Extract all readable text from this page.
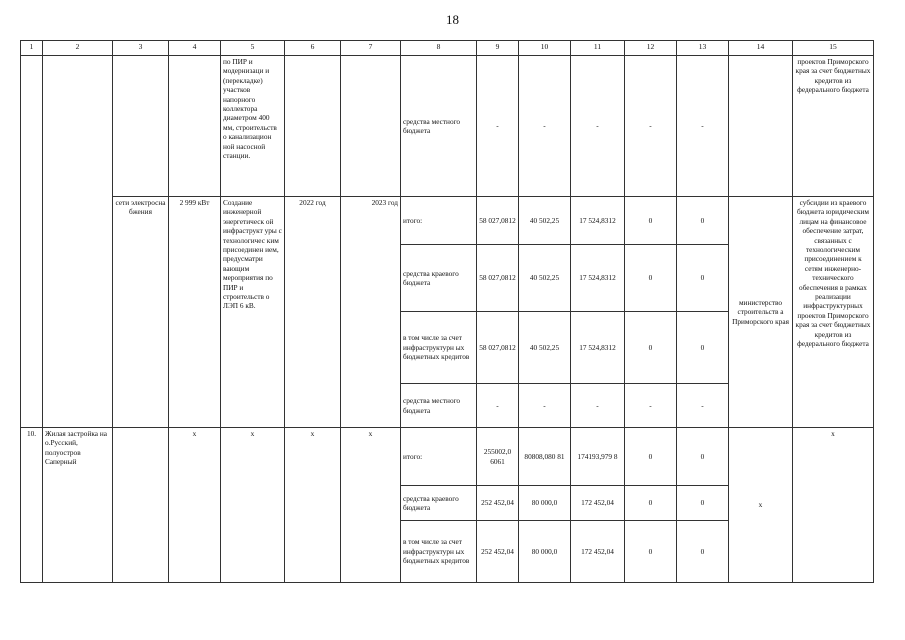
18
1	2	3	4	5	6	7	8	9	10	11	12	13	14	15
				по ПИР и модернизаци и (перекладке) участков напорного коллектора диаметром 400 мм, строительств о канализацион ной насосной станции.			средства местного бюджета	-	-	-	-	-		проектов Приморского края за счет бюджетных кредитов из федерального бюджета
		сети электросна бжения	2 999 кВт	Создание инженерной энергетическ ой инфраструкт уры с технологичес ким присоединен ием, предусматри вающим мероприятия по ПИР и строительств о ЛЭП 6 кВ.	2022 год	2023 год	итого:	58 027,0812	40 502,25	17 524,8312	0	0	министерство строительств а Приморского края	субсидии из краевого бюджета юридическим лицам на финансовое обеспечение затрат, связанных с технологическим присоединением к сетям инженерно-технического обеспечения в рамках реализации инфраструктурных проектов Приморского края за счет бюджетных кредитов из федерального бюджета
							средства краевого бюджета	58 027,0812	40 502,25	17 524,8312	0	0		
							в том числе за счет инфраструктурн ых бюджетных кредитов	58 027,0812	40 502,25	17 524,8312	0	0		
							средства местного бюджета	-	-	-	-	-		
10.	Жилая застройка на о.Русский, полуостров Саперный		х	х	х	х	итого:	255002,0 6061	80808,080 81	174193,979 8	0	0	х	х
							средства краевого бюджета	252 452,04	80 000,0	172 452,04	0	0		
							в том числе за счет инфраструктурн ых бюджетных кредитов	252 452,04	80 000,0	172 452,04	0	0		
